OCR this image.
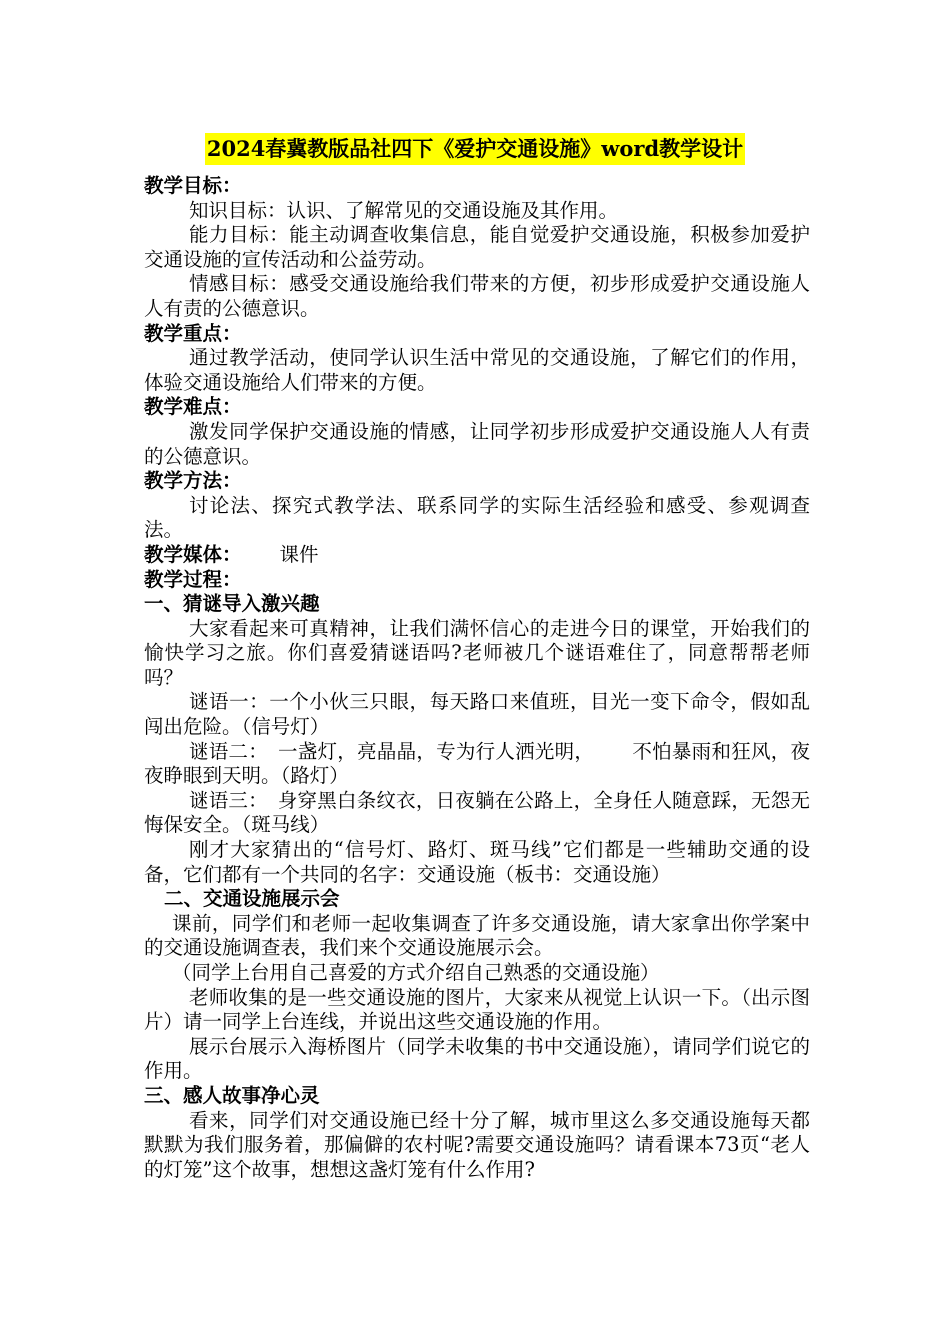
2024春冀教版品社四下《爱护交通设施》word教学设计

教学目标：

知识目标：认识、了解常见的交通设施及其作用。

能力目标：能主动调查收集信息，能自觉爱护交通设施，积极参加爱护交通设施的宣传活动和公益劳动。

情感目标：感受交通设施给我们带来的方便，初步形成爱护交通设施人人有责的公德意识。

教学重点：

通过教学活动，使同学认识生活中常见的交通设施，了解它们的作用，体验交通设施给人们带来的方便。

教学难点：

激发同学保护交通设施的情感，让同学初步形成爱护交通设施人人有责的公德意识。

教学方法：

讨论法、探究式教学法、联系同学的实际生活经验和感受、参观调查法。

教学媒体： 课件

教学过程：

一、猜谜导入激兴趣

大家看起来可真精神，让我们满怀信心的走进今日的课堂，开始我们的愉快学习之旅。你们喜爱猜谜语吗?老师被几个谜语难住了，同意帮帮老师吗？

谜语一：一个小伙三只眼，每天路口来值班，目光一变下命令，假如乱闯出危险。（信号灯）

谜语二：　一盏灯，亮晶晶，专为行人洒光明， 不怕暴雨和狂风，夜夜睁眼到天明。（路灯）

谜语三：　身穿黑白条纹衣，日夜躺在公路上，全身任人随意踩，无怨无悔保安全。（斑马线）

刚才大家猜出的“信号灯、路灯、斑马线”它们都是一些辅助交通的设备，它们都有一个共同的名字：交通设施（板书：交通设施）

二、交通设施展示会

课前，同学们和老师一起收集调查了许多交通设施，请大家拿出你学案中的交通设施调查表，我们来个交通设施展示会。

（同学上台用自己喜爱的方式介绍自己熟悉的交通设施）

老师收集的是一些交通设施的图片，大家来从视觉上认识一下。（出示图片）请一同学上台连线，并说出这些交通设施的作用。

展示台展示入海桥图片（同学未收集的书中交通设施），请同学们说它的作用。

三、感人故事净心灵

看来，同学们对交通设施已经十分了解，城市里这么多交通设施每天都默默为我们服务着，那偏僻的农村呢?需要交通设施吗？请看课本73页“老人的灯笼”这个故事，想想这盏灯笼有什么作用?
